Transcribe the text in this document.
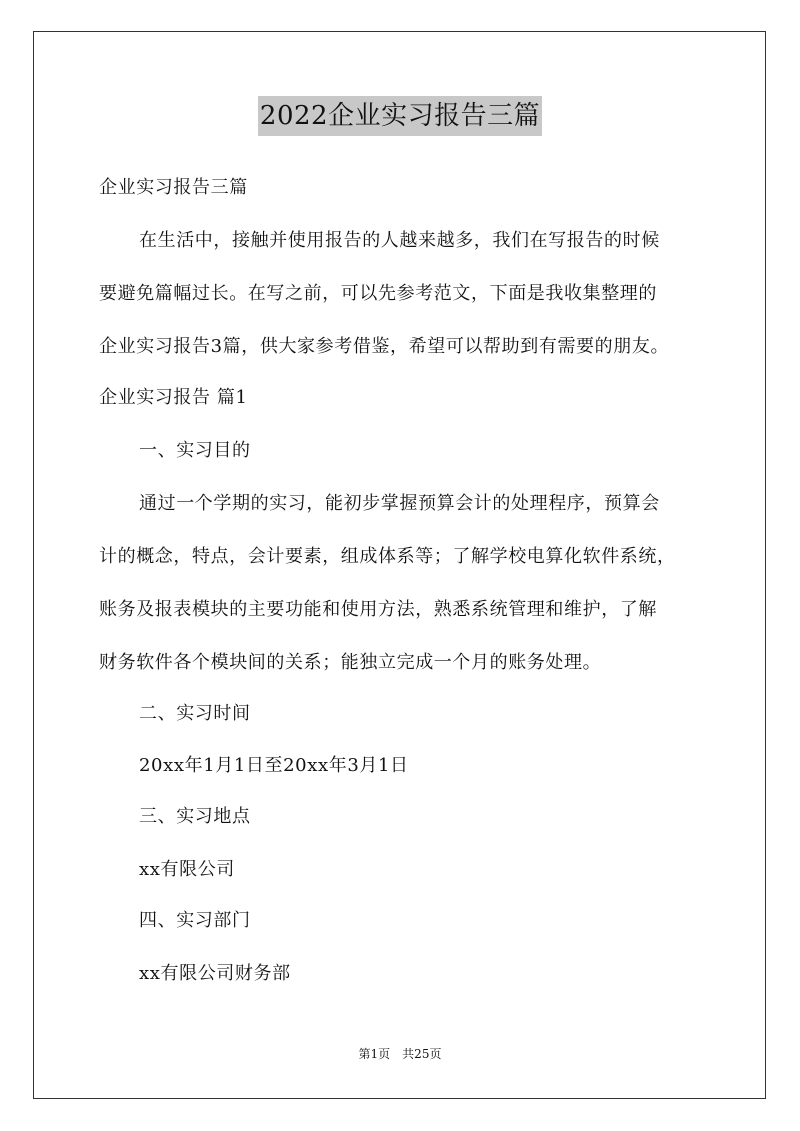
2022企业实习报告三篇
企业实习报告三篇
在生活中，接触并使用报告的人越来越多，我们在写报告的时候
要避免篇幅过长。在写之前，可以先参考范文，下面是我收集整理的
企业实习报告3篇，供大家参考借鉴，希望可以帮助到有需要的朋友。
企业实习报告 篇1
一、实习目的
通过一个学期的实习，能初步掌握预算会计的处理程序，预算会
计的概念，特点，会计要素，组成体系等；了解学校电算化软件系统，
账务及报表模块的主要功能和使用方法，熟悉系统管理和维护，了解
财务软件各个模块间的关系；能独立完成一个月的账务处理。
二、实习时间
20xx年1月1日至20xx年3月1日
三、实习地点
xx有限公司
四、实习部门
xx有限公司财务部
第1页　共25页
